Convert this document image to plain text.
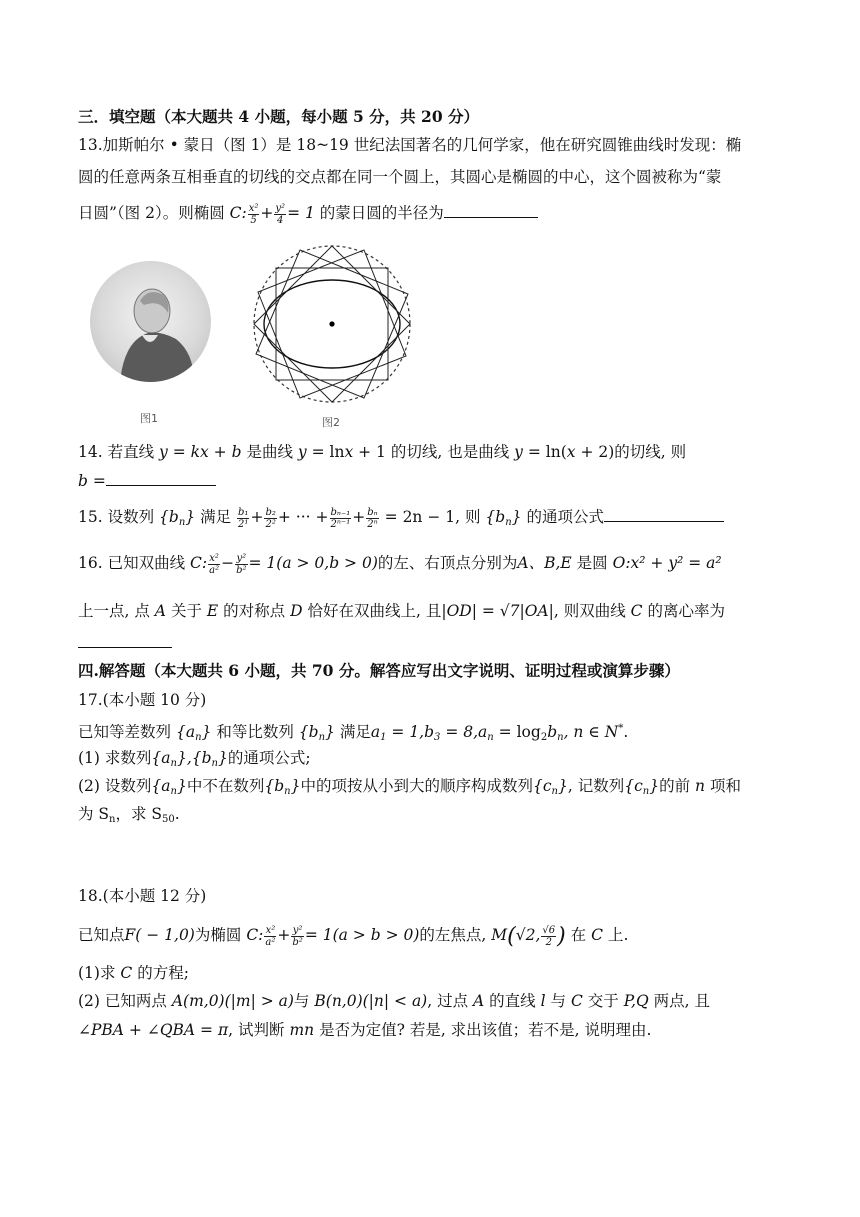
三．填空题（本大题共 4 小题，每小题 5 分，共 20 分）
13.加斯帕尔 • 蒙日（图 1）是 18~19 世纪法国著名的几何学家，他在研究圆锥曲线时发现：椭
圆的任意两条互相垂直的切线的交点都在同一个圆上，其圆心是椭圆的中心，这个圆被称为“蒙
日圆”（图 2）。则椭圆 C: $\frac{\text{x²}}{5} + \frac{\text{y²}}{4} = 1$ 的蒙日圆的半径为
图1	图2
14. 若直线 y = kx + b 是曲线 y = lnx + 1 的切线, 也是曲线 y = ln(x + 2)的切线, 则
b =
15. 设数列 $\{b_n\}$ 满足 $\frac{\text{b₁}}{\text{2¹}} + \frac{\text{b₂}}{\text{2²}}$ + ··· + $\frac{\text{bₙ₋₁}}{\text{2ⁿ⁻¹}} + \frac{\text{bₙ}}{\text{2ⁿ}} = 2n - 1$, 则 $\{b_n\}$ 的通项公式
16. 已知双曲线 C: $\frac{\text{x²}}{\text{a²}} - \frac{\text{y²}}{\text{b²}} = 1(a > 0,b > 0)$的左、右顶点分别为A、B,E 是圆 O:x² + y² = a²
上一点, 点 A 关于 E 的对称点 D 恰好在双曲线上, 且|OD| = √7|OA|, 则双曲线 C 的离心率为
四.解答题（本大题共 6 小题，共 70 分。解答应写出文字说明、证明过程或演算步骤）
17.(本小题 10 分)
已知等差数列 $\{a_n\}$ 和等比数列 $\{b_n\}$ 满足$a_1 = 1,b_3 = 8,a_n = \log_2b_n$, n ∈ N*.
(1) 求数列$\{a_n\},\{b_n\}$的通项公式;
(2) 设数列$\{a_n\}$中不在数列$\{b_n\}$中的项按从小到大的顺序构成数列$\{c_n\}$, 记数列$\{c_n\}$的前 n 项和
为 $S_n$，求 $S_{50}$.
18.(本小题 12 分)
已知点F( − 1,0)为椭圆 C: $\frac{\text{x²}}{\text{a²}} + \frac{\text{y²}}{\text{b²}} = 1(a > b > 0)$的左焦点, M(√2, $\frac{√6}{2}$ ) 在 C 上.
(1)求 C 的方程;
(2) 已知两点 A(m,0)(|m| > a)与 B(n,0)(|n| < a), 过点 A 的直线 l 与 C 交于 P,Q 两点, 且
∠PBA + ∠QBA = π, 试判断 mn 是否为定值? 若是, 求出该值；若不是, 说明理由.
